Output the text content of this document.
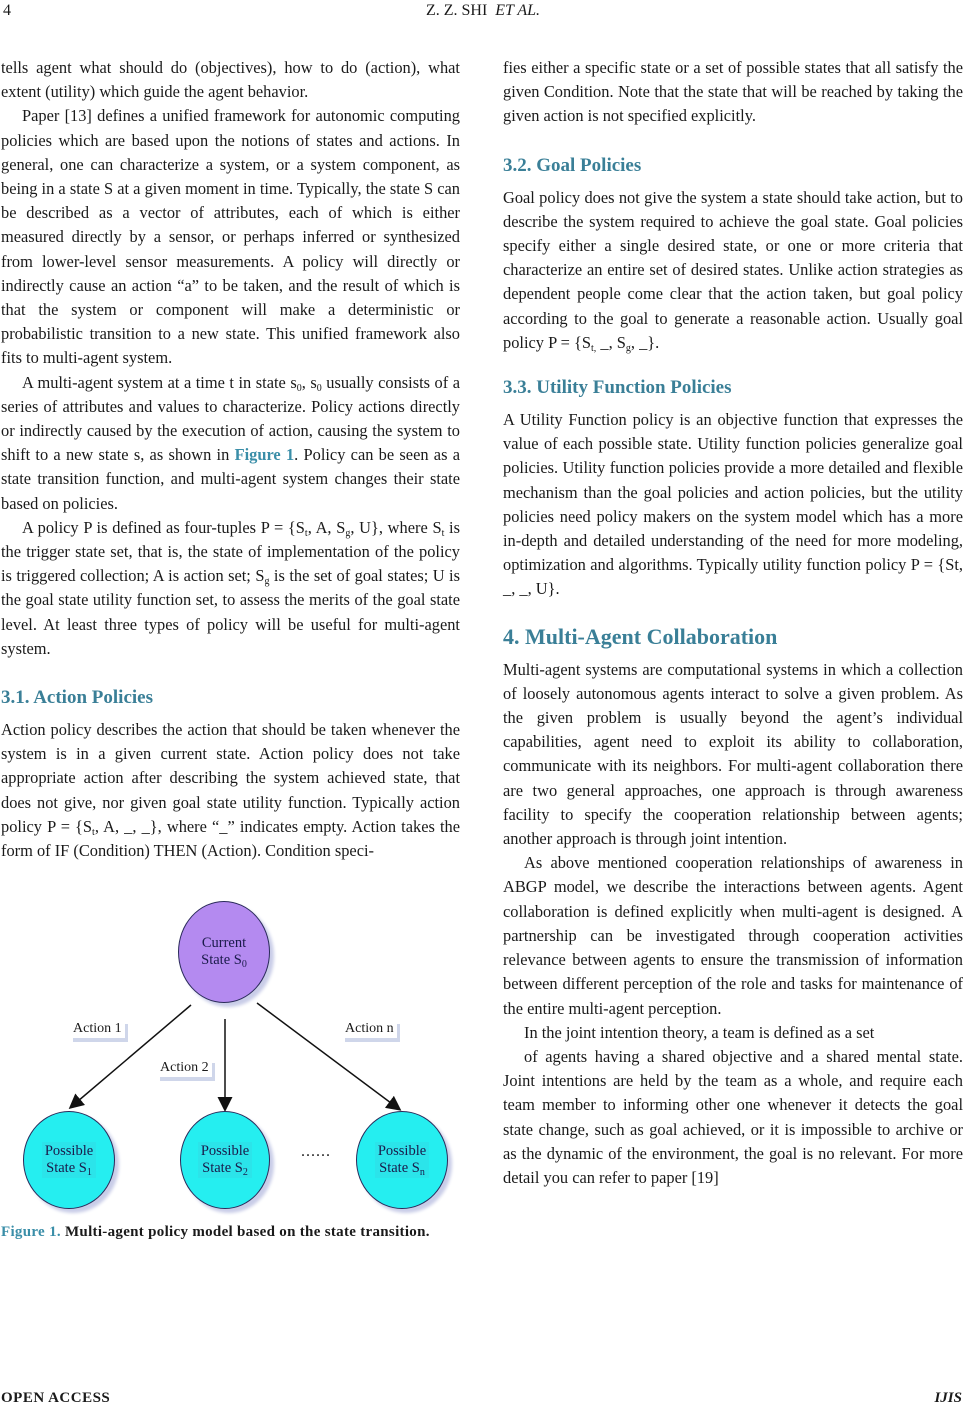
4	Z. Z. SHI ET AL.

tells agent what should do (objectives), how to do (action), what extent (utility) which guide the agent behavior.

Paper [13] defines a unified framework for autonomic computing policies which are based upon the notions of states and actions. In general, one can characterize a system, or a system component, as being in a state S at a given moment in time. Typically, the state S can be described as a vector of attributes, each of which is either measured directly by a sensor, or perhaps inferred or synthesized from lower-level sensor measurements. A policy will directly or indirectly cause an action “a” to be taken, and the result of which is that the system or component will make a deterministic or probabilistic transition to a new state. This unified framework also fits to multi-agent system.

A multi-agent system at a time t in state $s_0$, $s_0$ usually consists of a series of attributes and values to characterize. Policy actions directly or indirectly caused by the execution of action, causing the system to shift to a new state s, as shown in Figure 1. Policy can be seen as a state transition function, and multi-agent system changes their state based on policies.

A policy P is defined as four-tuples $P = \{S_t$, A, $S_g$, U}, where $S_t$ is the trigger state set, that is, the state of implementation of the policy is triggered collection; A is action set; $S_g$ is the set of goal states; U is the goal state utility function set, to assess the merits of the goal state level. At least three types of policy will be useful for multi-agent system.

3.1. Action Policies

Action policy describes the action that should be taken whenever the system is in a given current state. Action policy does not take appropriate action after describing the system achieved state, that does not give, nor given goal state utility function. Typically action policy $P = \{S_t$, A, _, _}, where “_” indicates empty. Action takes the form of IF (Condition) THEN (Action). Condition speci-

Current
State $S_0$
Action 1
Action 2
Action n
Possible
State $S_1$
Possible
State $S_2$
......	Possible
State $S_n$
Figure 1. Multi-agent policy model based on the state transition.

fies either a specific state or a set of possible states that all satisfy the given Condition. Note that the state that will be reached by taking the given action is not specified explicitly.

3.2. Goal Policies

Goal policy does not give the system a state should take action, but to describe the system required to achieve the goal state. Goal policies specify either a single desired state, or one or more criteria that characterize an entire set of desired states. Unlike action strategies as dependent people come clear that the action taken, but goal policy according to the goal to generate a reasonable action. Usually goal policy $P = \{S_{t,}$ _, $S_g$, _}.

3.3. Utility Function Policies

A Utility Function policy is an objective function that expresses the value of each possible state. Utility function policies generalize goal policies. Utility function policies provide a more detailed and flexible mechanism than the goal policies and action policies, but the utility policies need policy makers on the system model which has a more in-depth and detailed understanding of the need for more modeling, optimization and algorithms. Typically utility function policy P = {St, _, _, U}.

4. Multi-Agent Collaboration

Multi-agent systems are computational systems in which a collection of loosely autonomous agents interact to solve a given problem. As the given problem is usually beyond the agent’s individual capabilities, agent need to exploit its ability to collaboration, communicate with its neighbors. For multi-agent collaboration there are two general approaches, one approach is through awareness facility to specify the cooperation relationship between agents; another approach is through joint intention.

As above mentioned cooperation relationships of awareness in ABGP model, we describe the interactions between agents. Agent collaboration is defined explicitly when multi-agent is designed. A partnership can be investigated through cooperation activities relevance between agents to ensure the transmission of information between different perception of the role and tasks for maintenance of the entire multi-agent perception.

In the joint intention theory, a team is defined as a set

of agents having a shared objective and a shared mental state. Joint intentions are held by the team as a whole, and require each team member to informing other one whenever it detects the goal state change, such as goal achieved, or it is impossible to archive or as the dynamic of the environment, the goal is no relevant. For more detail you can refer to paper [19]

OPEN ACCESS	IJIS
